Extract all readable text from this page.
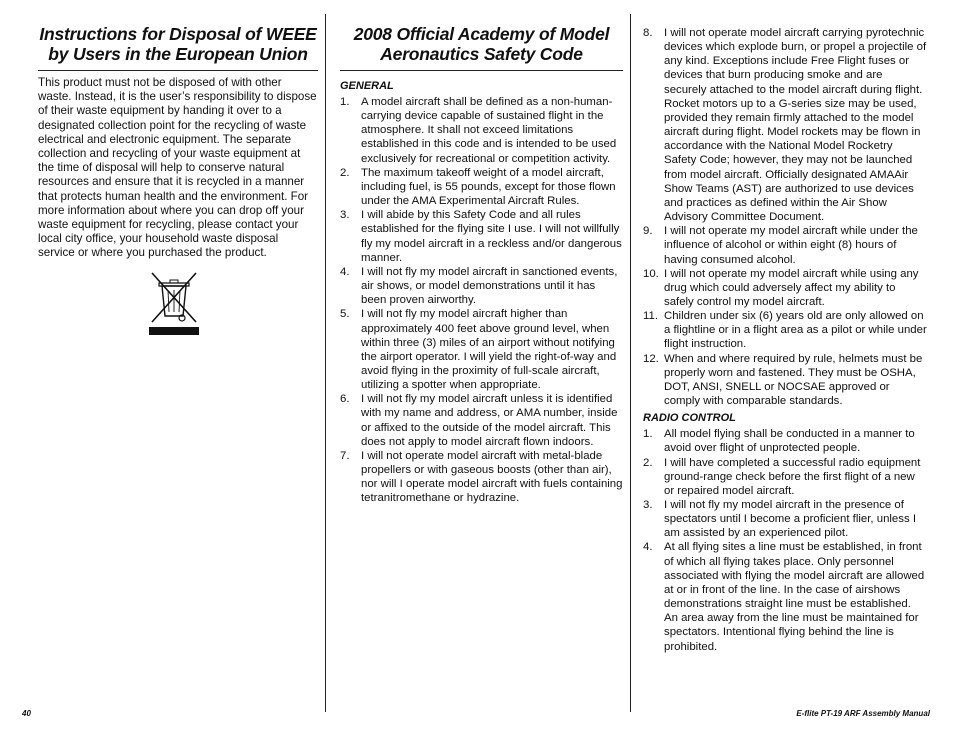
Instructions for Disposal of WEEE by Users in the European Union

This product must not be disposed of with other waste. Instead, it is the user’s responsibility to dispose of their waste equipment by handing it over to a designated collection point for the recycling of waste electrical and electronic equipment. The separate collection and recycling of your waste equipment at the time of disposal will help to conserve natural resources and ensure that it is recycled in a manner that protects human health and the environment. For more information about where you can drop off your waste equipment for recycling, please contact your local city office, your household waste disposal service or where you purchased the product.

2008 Official Academy of Model Aeronautics Safety Code
GENERAL
1. A model aircraft shall be defined as a non-human-carrying device capable of sustained flight in the atmosphere. It shall not exceed limitations established in this code and is intended to be used exclusively for recreational or competition activity.
2. The maximum takeoff weight of a model aircraft, including fuel, is 55 pounds, except for those flown under the AMA Experimental Aircraft Rules.
3. I will abide by this Safety Code and all rules established for the flying site I use. I will not willfully fly my model aircraft in a reckless and/or dangerous manner.
4. I will not fly my model aircraft in sanctioned events, air shows, or model demonstrations until it has been proven airworthy.
5. I will not fly my model aircraft higher than approximately 400 feet above ground level, when within three (3) miles of an airport without notifying the airport operator. I will yield the right-of-way and avoid flying in the proximity of full-scale aircraft, utilizing a spotter when appropriate.
6. I will not fly my model aircraft unless it is identified with my name and address, or AMA number, inside or affixed to the outside of the model aircraft. This does not apply to model aircraft flown indoors.
7. I will not operate model aircraft with metal-blade propellers or with gaseous boosts (other than air), nor will I operate model aircraft with fuels containing tetranitromethane or hydrazine.
8. I will not operate model aircraft carrying pyrotechnic devices which explode burn, or propel a projectile of any kind. Exceptions include Free Flight fuses or devices that burn producing smoke and are securely attached to the model aircraft during flight. Rocket motors up to a G-series size may be used, provided they remain firmly attached to the model aircraft during flight. Model rockets may be flown in accordance with the National Model Rocketry Safety Code; however, they may not be launched from model aircraft. Officially designated AMAAir Show Teams (AST) are authorized to use devices and practices as defined within the Air Show Advisory Committee Document.
9. I will not operate my model aircraft while under the influence of alcohol or within eight (8) hours of having consumed alcohol.
10. I will not operate my model aircraft while using any drug which could adversely affect my ability to safely control my model aircraft.
11. Children under six (6) years old are only allowed on a flightline or in a flight area as a pilot or while under flight instruction.
12. When and where required by rule, helmets must be properly worn and fastened. They must be OSHA, DOT, ANSI, SNELL or NOCSAE approved or comply with comparable standards.
RADIO CONTROL
1. All model flying shall be conducted in a manner to avoid over flight of unprotected people.
2. I will have completed a successful radio equipment ground-range check before the first flight of a new or repaired model aircraft.
3. I will not fly my model aircraft in the presence of spectators until I become a proficient flier, unless I am assisted by an experienced pilot.
4. At all flying sites a line must be established, in front of which all flying takes place. Only personnel associated with flying the model aircraft are allowed at or in front of the line. In the case of airshows demonstrations straight line must be established. An area away from the line must be maintained for spectators. Intentional flying behind the line is prohibited.
40	E-flite PT-19 ARF Assembly Manual
